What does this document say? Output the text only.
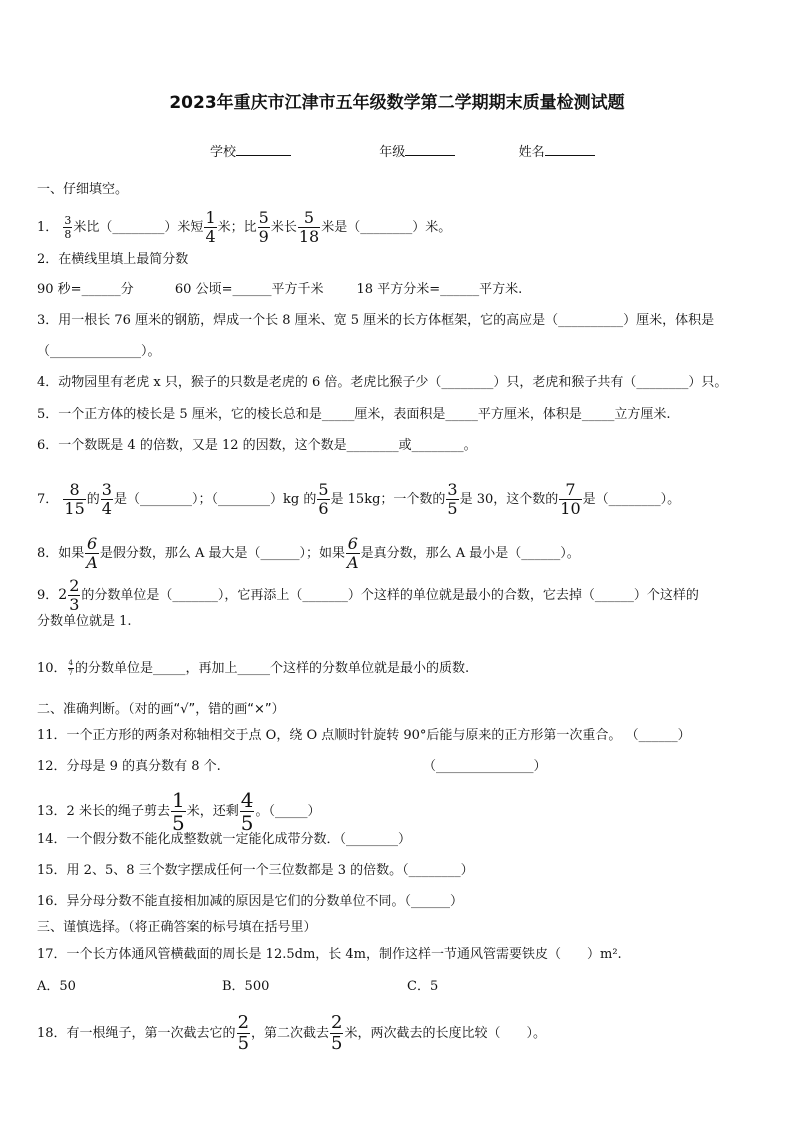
2023年重庆市江津市五年级数学第二学期期末质量检测试题
学校	年级	姓名
一、仔细填空。
1． $\frac{3}{8}$ 米比（________）米短 $\frac{1}{4}$ 米；比 $\frac{5}{9}$ 米长 $\frac{5}{18}$ 米是（________）米。
2．在横线里填上最简分数
90 秒=______分          60 公顷=______平方千米        18 平方分米=______平方米.
3．用一根长 76 厘米的钢筋，焊成一个长 8 厘米、宽 5 厘米的长方体框架，它的高应是（__________）厘米，体积是
（______________）。
4．动物园里有老虎 x 只，猴子的只数是老虎的 6 倍。老虎比猴子少（________）只，老虎和猴子共有（________）只。
5．一个正方体的棱长是 5 厘米，它的棱长总和是_____厘米，表面积是_____平方厘米，体积是_____立方厘米.
6．一个数既是 4 的倍数，又是 12 的因数，这个数是________或________。
7． $\frac{8}{15}$ 的 $\frac{3}{4}$ 是（________）；（________）kg 的 $\frac{5}{6}$ 是 15kg；一个数的 $\frac{3}{5}$ 是 30，这个数的 $\frac{7}{10}$ 是（________）。
8．如果 $\frac{6}{A}$ 是假分数，那么 A 最大是（______）；如果 $\frac{6}{A}$ 是真分数，那么 A 最小是（______）。
9．$2 \frac{2}{3}$ 的分数单位是（_______），它再添上（_______）个这样的单位就是最小的合数，它去掉（______）个这样的
分数单位就是 1.
10． $\frac{4}{7}$ 的分数单位是_____，再加上_____个这样的分数单位就是最小的质数.
二、准确判断。（对的画“√”，错的画“×”）
11．一个正方形的两条对称轴相交于点 O，绕 O 点顺时针旋转 90°后能与原来的正方形第一次重合。 （______）
12．分母是 9 的真分数有 8 个.	（_______________）
13．2 米长的绳子剪去 $\frac{1}{5}$ 米，还剩 $\frac{4}{5}$ 。（_____）
14．一个假分数不能化成整数就一定能化成带分数．（________）
15．用 2、5、8 三个数字摆成任何一个三位数都是 3 的倍数。（________）
16．异分母分数不能直接相加减的原因是它们的分数单位不同。（______）
三、谨慎选择。（将正确答案的标号填在括号里）
17．一个长方体通风管横截面的周长是 12.5dm，长 4m，制作这样一节通风管需要铁皮（　　）m².
A．50	B．500	C．5
18．有一根绳子，第一次截去它的 $\frac{2}{5}$ ，第二次截去 $\frac{2}{5}$ 米，两次截去的长度比较（　　）。
